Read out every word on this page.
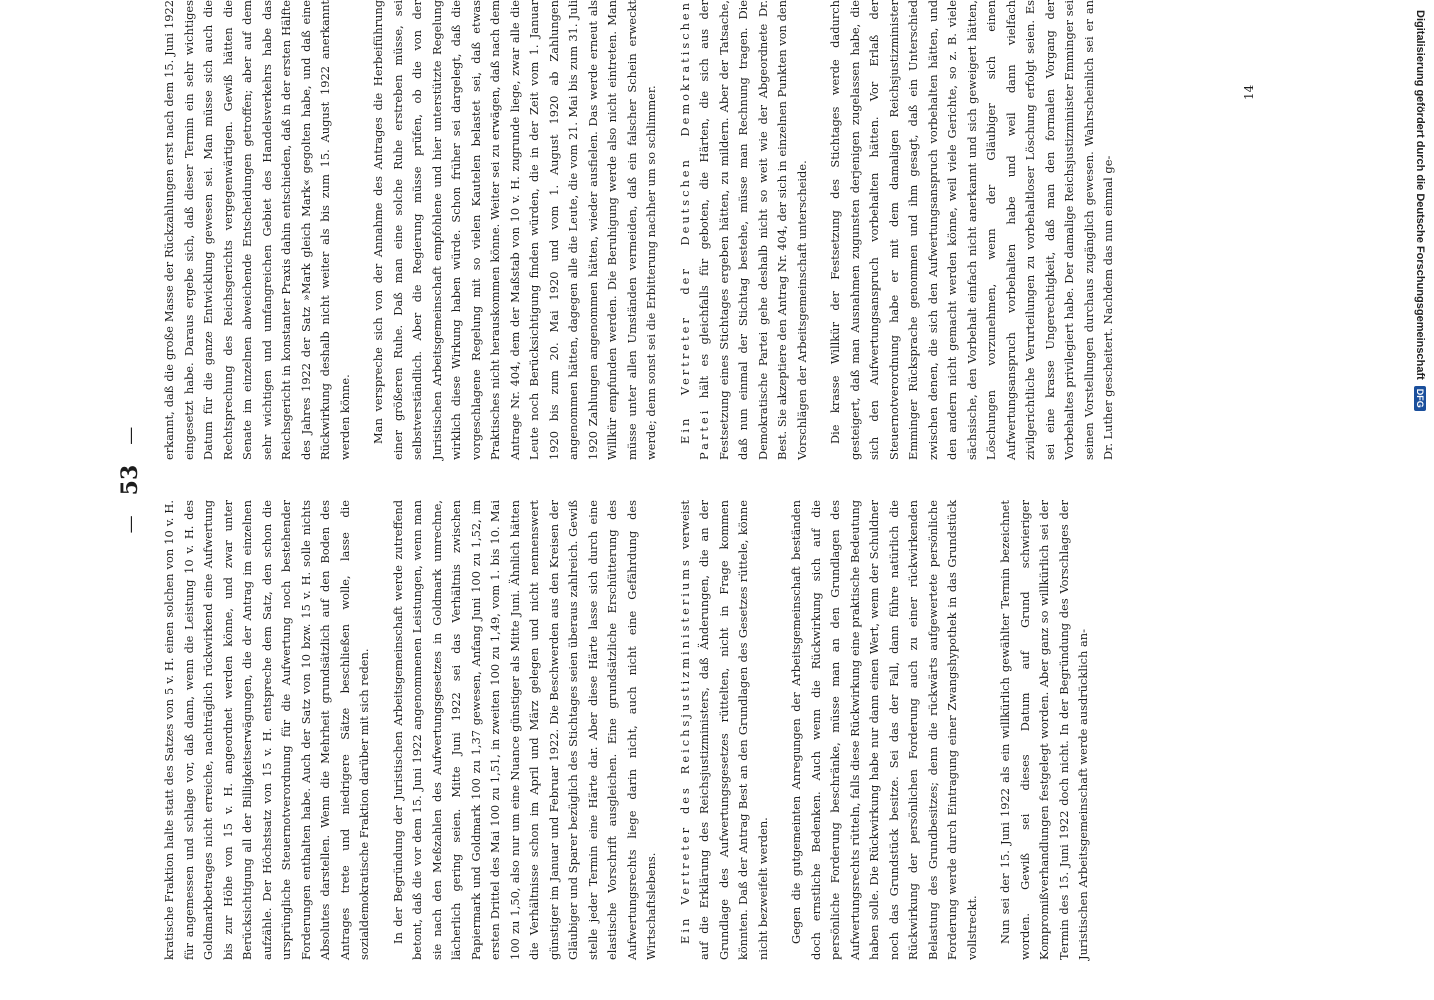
—
53
—

kratische Fraktion halte statt des Satzes von 5 v. H. einen solchen von 10 v. H. für angemessen und schlage vor, daß dann, wenn die Leistung 10 v. H. des Goldmarkbetrages nicht erreiche, nachträglich rückwirkend eine Aufwertung bis zur Höhe von 15 v. H. angeordnet werden könne, und zwar unter Berücksichtigung all der Billigkeitserwägungen, die der Antrag im einzelnen aufzähle. Der Höchstsatz von 15 v. H. entspreche dem Satz, den schon die ursprüngliche Steuernotverordnung für die Aufwertung noch bestehender Forderungen enthalten habe. Auch der Satz von 10 bzw. 15 v. H. solle nichts Absolutes darstellen. Wenn die Mehrheit grundsätzlich auf den Boden des Antrages trete und niedrigere Sätze beschließen wolle, lasse die sozialdemokratische Fraktion darüber mit sich reden.	In der Begründung der Juristischen Arbeitsgemeinschaft werde zutreffend betont, daß die vor dem 15. Juni 1922 angenommenen Leistungen, wenn man sie nach den Meßzahlen des Aufwertungsgesetzes in Goldmark umrechne, lächerlich gering seien. Mitte Juni 1922 sei das Verhältnis zwischen Papiermark und Goldmark 100 zu 1,37 gewesen, Anfang Juni 100 zu 1,52, im ersten Drittel des Mai 100 zu 1,51, in zweiten 100 zu 1,49, vom 1. bis 10. Mai 100 zu 1,50, also nur um eine Nuance günstiger als Mitte Juni. Ähnlich hätten die Verhältnisse schon im April und März gelegen und nicht nennenswert günstiger im Januar und Februar 1922. Die Beschwerden aus den Kreisen der Gläubiger und Sparer bezüglich des Stichtages seien überaus zahlreich. Gewiß stelle jeder Termin eine Härte dar. Aber diese Härte lasse sich durch eine elastische Vorschrift ausgleichen. Eine grundsätzliche Erschütterung des Aufwertungsrechts liege darin nicht, auch nicht eine Gefährdung des Wirtschaftslebens.	Ein Vertreter des Reichsjustizministeriums verweist auf die Erklärung des Reichsjustizministers, daß Änderungen, die an der Grundlage des Aufwertungsgesetzes rüttelten, nicht in Frage kommen könnten. Daß der Antrag Best an den Grundlagen des Gesetzes rüttele, könne nicht bezweifelt werden.	Gegen die gutgemeinten Anregungen der Arbeitsgemeinschaft beständen doch ernstliche Bedenken. Auch wenn die Rückwirkung sich auf die persönliche Forderung beschränke, müsse man an den Grundlagen des Aufwertungsrechts rütteln, falls diese Rückwirkung eine praktische Bedeutung haben solle. Die Rückwirkung habe nur dann einen Wert, wenn der Schuldner noch das Grundstück besitze. Sei das der Fall, dann führe natürlich die Rückwirkung der persönlichen Forderung auch zu einer rückwirkenden Belastung des Grundbesitzes; denn die rückwärts aufgewertete persönliche Forderung werde durch Eintragung einer Zwangshypothek in das Grundstück vollstreckt.	Nun sei der 15. Juni 1922 als ein willkürlich gewählter Termin bezeichnet worden. Gewiß sei dieses Datum auf Grund schwieriger Kompromißverhandlungen festgelegt worden. Aber ganz so willkürlich sei der Termin des 15. Juni 1922 doch nicht. In der Begründung des Vorschlages der Juristischen Arbeitsgemeinschaft werde ausdrücklich an-

erkannt, daß die große Masse der Rückzahlungen erst nach dem 15. Juni 1922 eingesetzt habe. Daraus ergebe sich, daß dieser Termin ein sehr wichtiges Datum für die ganze Entwicklung gewesen sei. Man müsse sich auch die Rechtsprechung des Reichsgerichts vergegenwärtigen. Gewiß hätten die Senate im einzelnen abweichende Entscheidungen getroffen; aber auf dem sehr wichtigen und umfangreichen Gebiet des Handelsverkehrs habe das Reichsgericht in konstanter Praxis dahin entschieden, daß in der ersten Hälfte des Jahres 1922 der Satz »Mark gleich Mark« gegolten habe, und daß eine Rückwirkung deshalb nicht weiter als bis zum 15. August 1922 anerkannt werden könne.	Man verspreche sich von der Annahme des Antrages die Herbeiführung einer größeren Ruhe. Daß man eine solche Ruhe erstreben müsse, sei selbstverständlich. Aber die Regierung müsse prüfen, ob die von der Juristischen Arbeitsgemeinschaft empfohlene und hier unterstützte Regelung wirklich diese Wirkung haben würde. Schon früher sei dargelegt, daß die vorgeschlagene Regelung mit so vielen Kautelen belastet sei, daß etwas Praktisches nicht herauskommen könne. Weiter sei zu erwägen, daß nach dem Antrage Nr. 404, dem der Maßstab von 10 v. H. zugrunde liege, zwar alle die Leute noch Berücksichtigung finden würden, die in der Zeit vom 1. Januar 1920 bis zum 20. Mai 1920 und vom 1. August 1920 ab Zahlungen angenommen hätten, dagegen alle die Leute, die vom 21. Mai bis zum 31. Juli 1920 Zahlungen angenommen hätten, wieder ausfielen. Das werde erneut als Willkür empfunden werden. Die Beruhigung werde also nicht eintreten. Man müsse unter allen Umständen vermeiden, daß ein falscher Schein erweckt werde; denn sonst sei die Erbitterung nachher um so schlimmer.	Ein Vertreter der Deutschen Demokratischen Partei hält es gleichfalls für geboten, die Härten, die sich aus der Festsetzung eines Stichtages ergeben hätten, zu mildern. Aber der Tatsache, daß nun einmal der Stichtag bestehe, müsse man Rechnung tragen. Die Demokratische Partei gehe deshalb nicht so weit wie der Abgeordnete Dr. Best. Sie akzeptiere den Antrag Nr. 404, der sich in einzelnen Punkten von den Vorschlägen der Arbeitsgemeinschaft unterscheide.	Die krasse Willkür der Festsetzung des Stichtages werde dadurch gesteigert, daß man Ausnahmen zugunsten derjenigen zugelassen habe, die sich den Aufwertungsanspruch vorbehalten hätten. Vor Erlaß der Steuernotverordnung habe er mit dem damaligen Reichsjustizminister Emminger Rücksprache genommen und ihm gesagt, daß ein Unterschied zwischen denen, die sich den Aufwertungsanspruch vorbehalten hätten, und den andern nicht gemacht werden könne, weil viele Gerichte, so z. B. viele sächsische, den Vorbehalt einfach nicht anerkannt und sich geweigert hätten, Löschungen vorzunehmen, wenn der Gläubiger sich einen Aufwertungsanspruch vorbehalten habe und weil dann vielfach zivilgerichtliche Verurteilungen zu vorbehaltloser Löschung erfolgt seien. Es sei eine krasse Ungerechtigkeit, daß man den formalen Vorgang der Vorbehaltes privilegiert habe. Der damalige Reichsjustizminister Emminger sei seinen Vorstellungen durchaus zugänglich gewesen. Wahrscheinlich sei er an Dr. Luther gescheitert. Nachdem das nun einmal ge-

14	Digitalisierung gefördert durch die Deutsche Forschungsgemeinschaft
DFG
